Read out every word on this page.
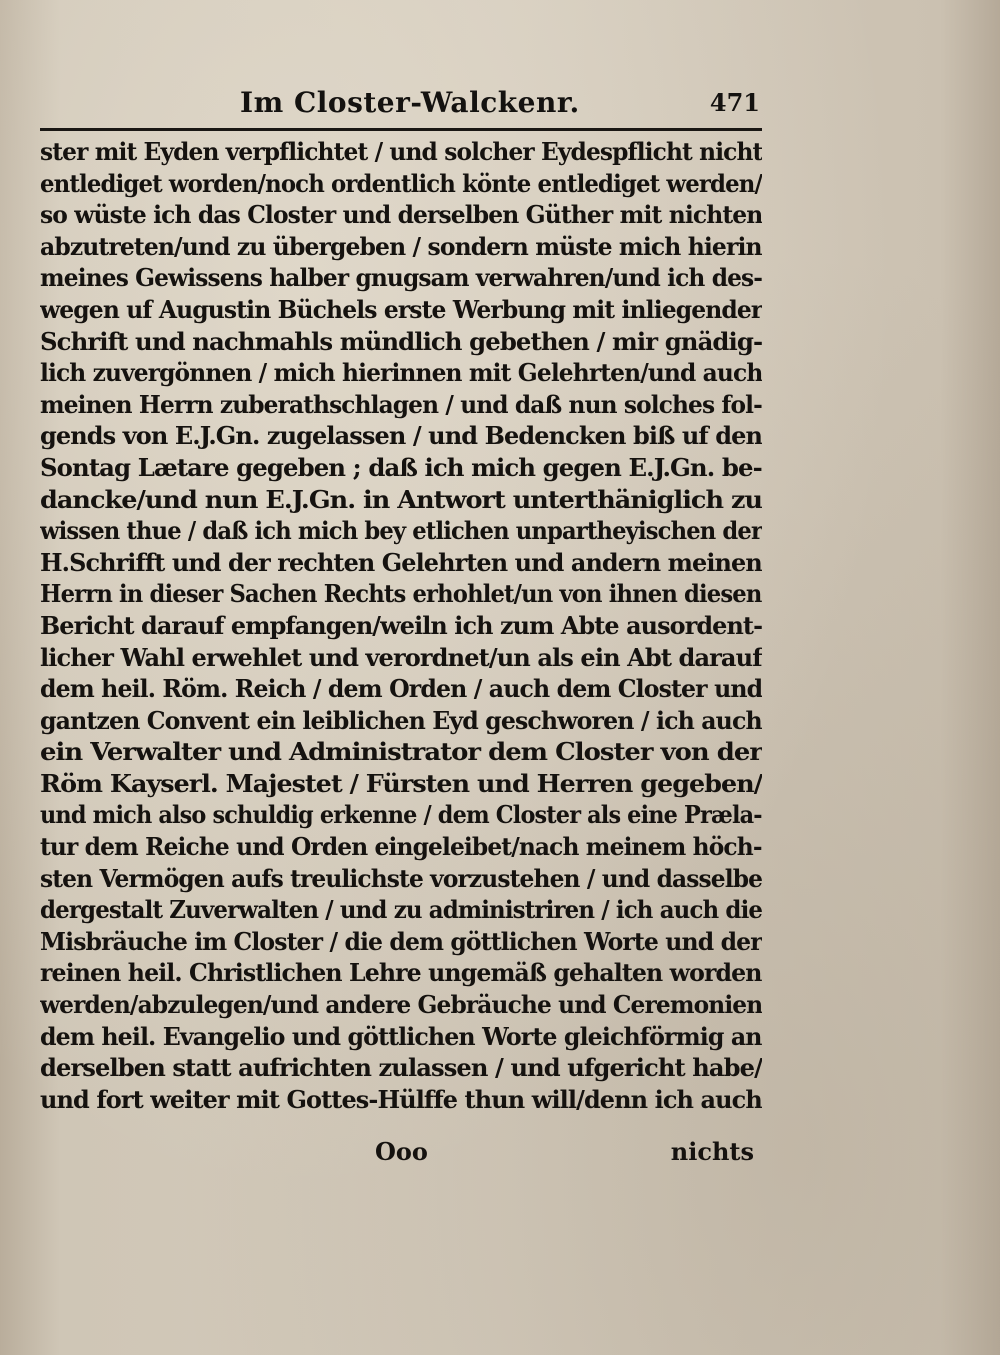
Im Closter-Walckenr.	471
ster mit Eyden verpflichtet / und solcher Eydespflicht nicht
entlediget worden/noch ordentlich könte entlediget werden/
so wüste ich das Closter und derselben Güther mit nichten
abzutreten/und zu übergeben / sondern müste mich hierin
meines Gewissens halber gnugsam verwahren/und ich des-
wegen uf Augustin Büchels erste Werbung mit inliegender
Schrift und nachmahls mündlich gebethen / mir gnädig-
lich zuvergönnen / mich hierinnen mit Gelehrten/und auch
meinen Herrn zuberathschlagen / und daß nun solches fol-
gends von E.J.Gn. zugelassen / und Bedencken biß uf den
Sontag Lætare gegeben ; daß ich mich gegen E.J.Gn. be-
dancke/und nun E.J.Gn. in Antwort unterthäniglich zu
wissen thue / daß ich mich bey etlichen unpartheyischen der
H.Schrifft und der rechten Gelehrten und andern meinen
Herrn in dieser Sachen Rechts erhohlet/un von ihnen diesen
Bericht darauf empfangen/weiln ich zum Abte ausordent-
licher Wahl erwehlet und verordnet/un als ein Abt darauf
dem heil. Röm. Reich / dem Orden / auch dem Closter und
gantzen Convent ein leiblichen Eyd geschworen / ich auch
ein Verwalter und Administrator dem Closter von der
Röm Kayserl. Majestet / Fürsten und Herren gegeben/
und mich also schuldig erkenne / dem Closter als eine Præla-
tur dem Reiche und Orden eingeleibet/nach meinem höch-
sten Vermögen aufs treulichste vorzustehen / und dasselbe
dergestalt Zuverwalten / und zu administriren / ich auch die
Misbräuche im Closter / die dem göttlichen Worte und der
reinen heil. Christlichen Lehre ungemäß gehalten worden
werden/abzulegen/und andere Gebräuche und Ceremonien
dem heil. Evangelio und göttlichen Worte gleichförmig an
derselben statt aufrichten zulassen / und ufgericht habe/
und fort weiter mit Gottes-Hülffe thun will/denn ich auch
Ooo	nichts
